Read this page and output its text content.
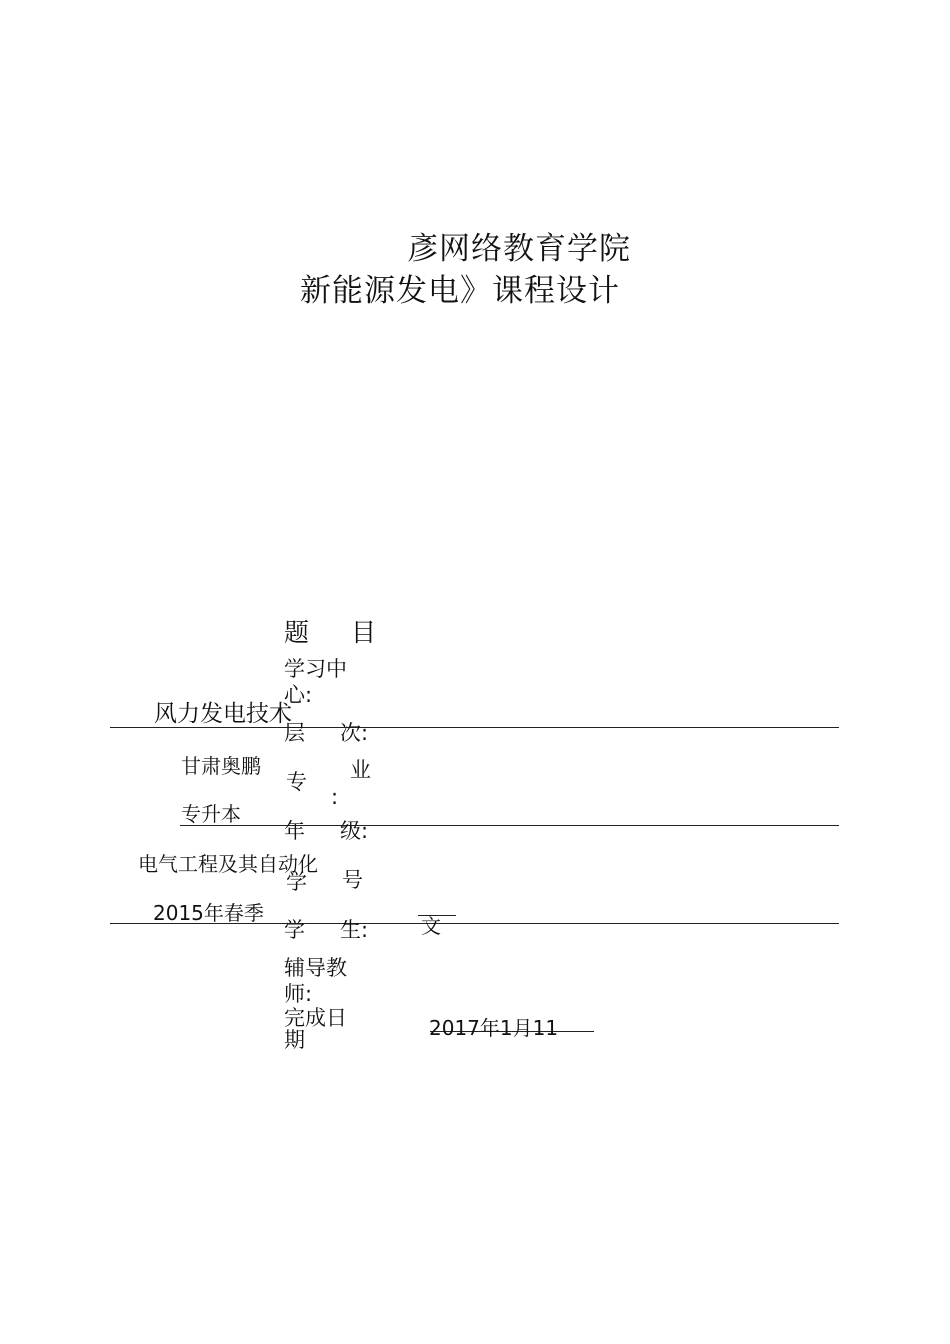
彥网络教育学院
新能源发电》课程设计
题 目
学习中
心:
层 次:
专 业
:
年 级:
学 号
学 生:
辅导教
师:
完成日
期
风力发电技术
甘肃奥鹏
专升本
电气工程及其自动化
2015年春季
文
2017年1月11
